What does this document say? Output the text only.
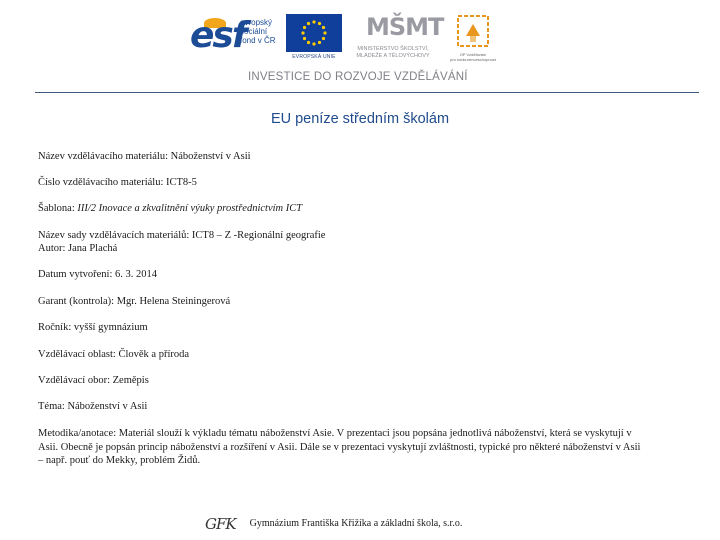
esf
evropský
sociální
fond v ČR
EVROPSKÁ UNIE
MŠMT
MINISTERSTVO ŠKOLSTVÍ,
MLÁDEŽE A TĚLOVÝCHOVY	OP Vzdělávání
pro konkurenceschopnost
INVESTICE DO ROZVOJE VZDĚLÁVÁNÍ
EU peníze středním školám
Název vzdělávacího materiálu: Náboženství v Asii
Číslo vzdělávacího materiálu: ICT8-5
Šablona: III/2 Inovace a zkvalitnění výuky prostřednictvím ICT
Název sady vzdělávacích materiálů: ICT8 – Z -Regionální geografie
Autor: Jana Plachá
Datum vytvoření: 6. 3. 2014
Garant (kontrola): Mgr. Helena Steiningerová
Ročník: vyšší gymnázium
Vzdělávací oblast: Člověk a příroda
Vzdělávací obor: Zeměpis
Téma: Náboženství v Asii
Metodika/anotace: Materiál slouží k výkladu tématu náboženství Asie. V prezentaci jsou popsána jednotlivá náboženství, která se vyskytují v
Asii. Obecně je popsán princip náboženství a rozšíření v Asii. Dále se v prezentaci vyskytují zvláštnosti, typické pro některé náboženství v Asii
– např. pouť do Mekky, problém Židů.
GFK Gymnázium Františka Křižíka a základní škola, s.r.o.
